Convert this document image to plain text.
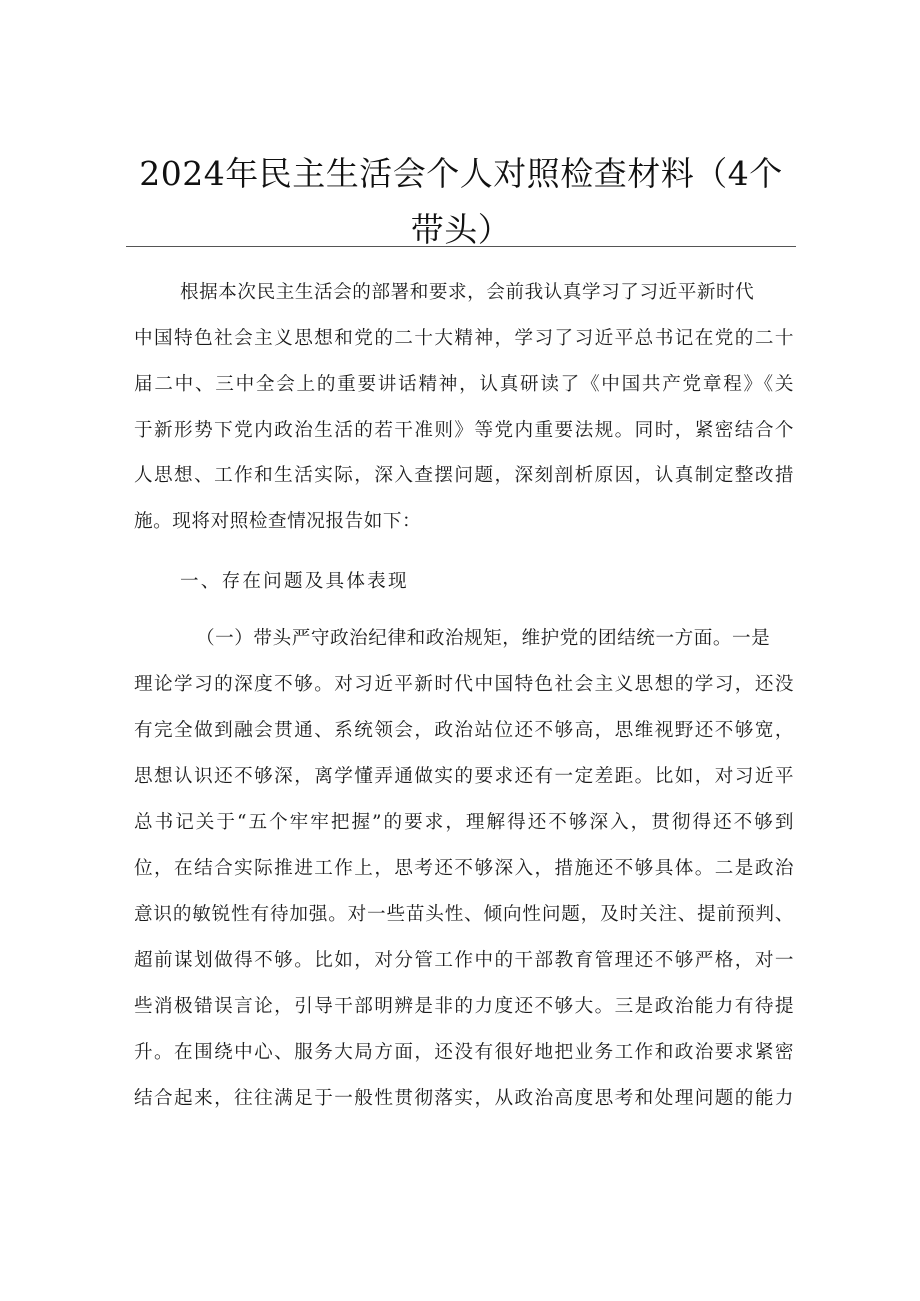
2024年民主生活会个人对照检查材料（4个
带头）

根据本次民主生活会的部署和要求，会前我认真学习了习近平新时代

中国特色社会主义思想和党的二十大精神，学习了习近平总书记在党的二十

届二中、三中全会上的重要讲话精神，认真研读了《中国共产党章程》《关

于新形势下党内政治生活的若干准则》等党内重要法规。同时，紧密结合个

人思想、工作和生活实际，深入查摆问题，深刻剖析原因，认真制定整改措

施。现将对照检查情况报告如下：

一、存在问题及具体表现

（一）带头严守政治纪律和政治规矩，维护党的团结统一方面。一是

理论学习的深度不够。对习近平新时代中国特色社会主义思想的学习，还没

有完全做到融会贯通、系统领会，政治站位还不够高，思维视野还不够宽，

思想认识还不够深，离学懂弄通做实的要求还有一定差距。比如，对习近平

总书记关于“五个牢牢把握”的要求，理解得还不够深入，贯彻得还不够到

位，在结合实际推进工作上，思考还不够深入，措施还不够具体。二是政治

意识的敏锐性有待加强。对一些苗头性、倾向性问题，及时关注、提前预判、

超前谋划做得不够。比如，对分管工作中的干部教育管理还不够严格，对一

些消极错误言论，引导干部明辨是非的力度还不够大。三是政治能力有待提

升。在围绕中心、服务大局方面，还没有很好地把业务工作和政治要求紧密

结合起来，往往满足于一般性贯彻落实，从政治高度思考和处理问题的能力
